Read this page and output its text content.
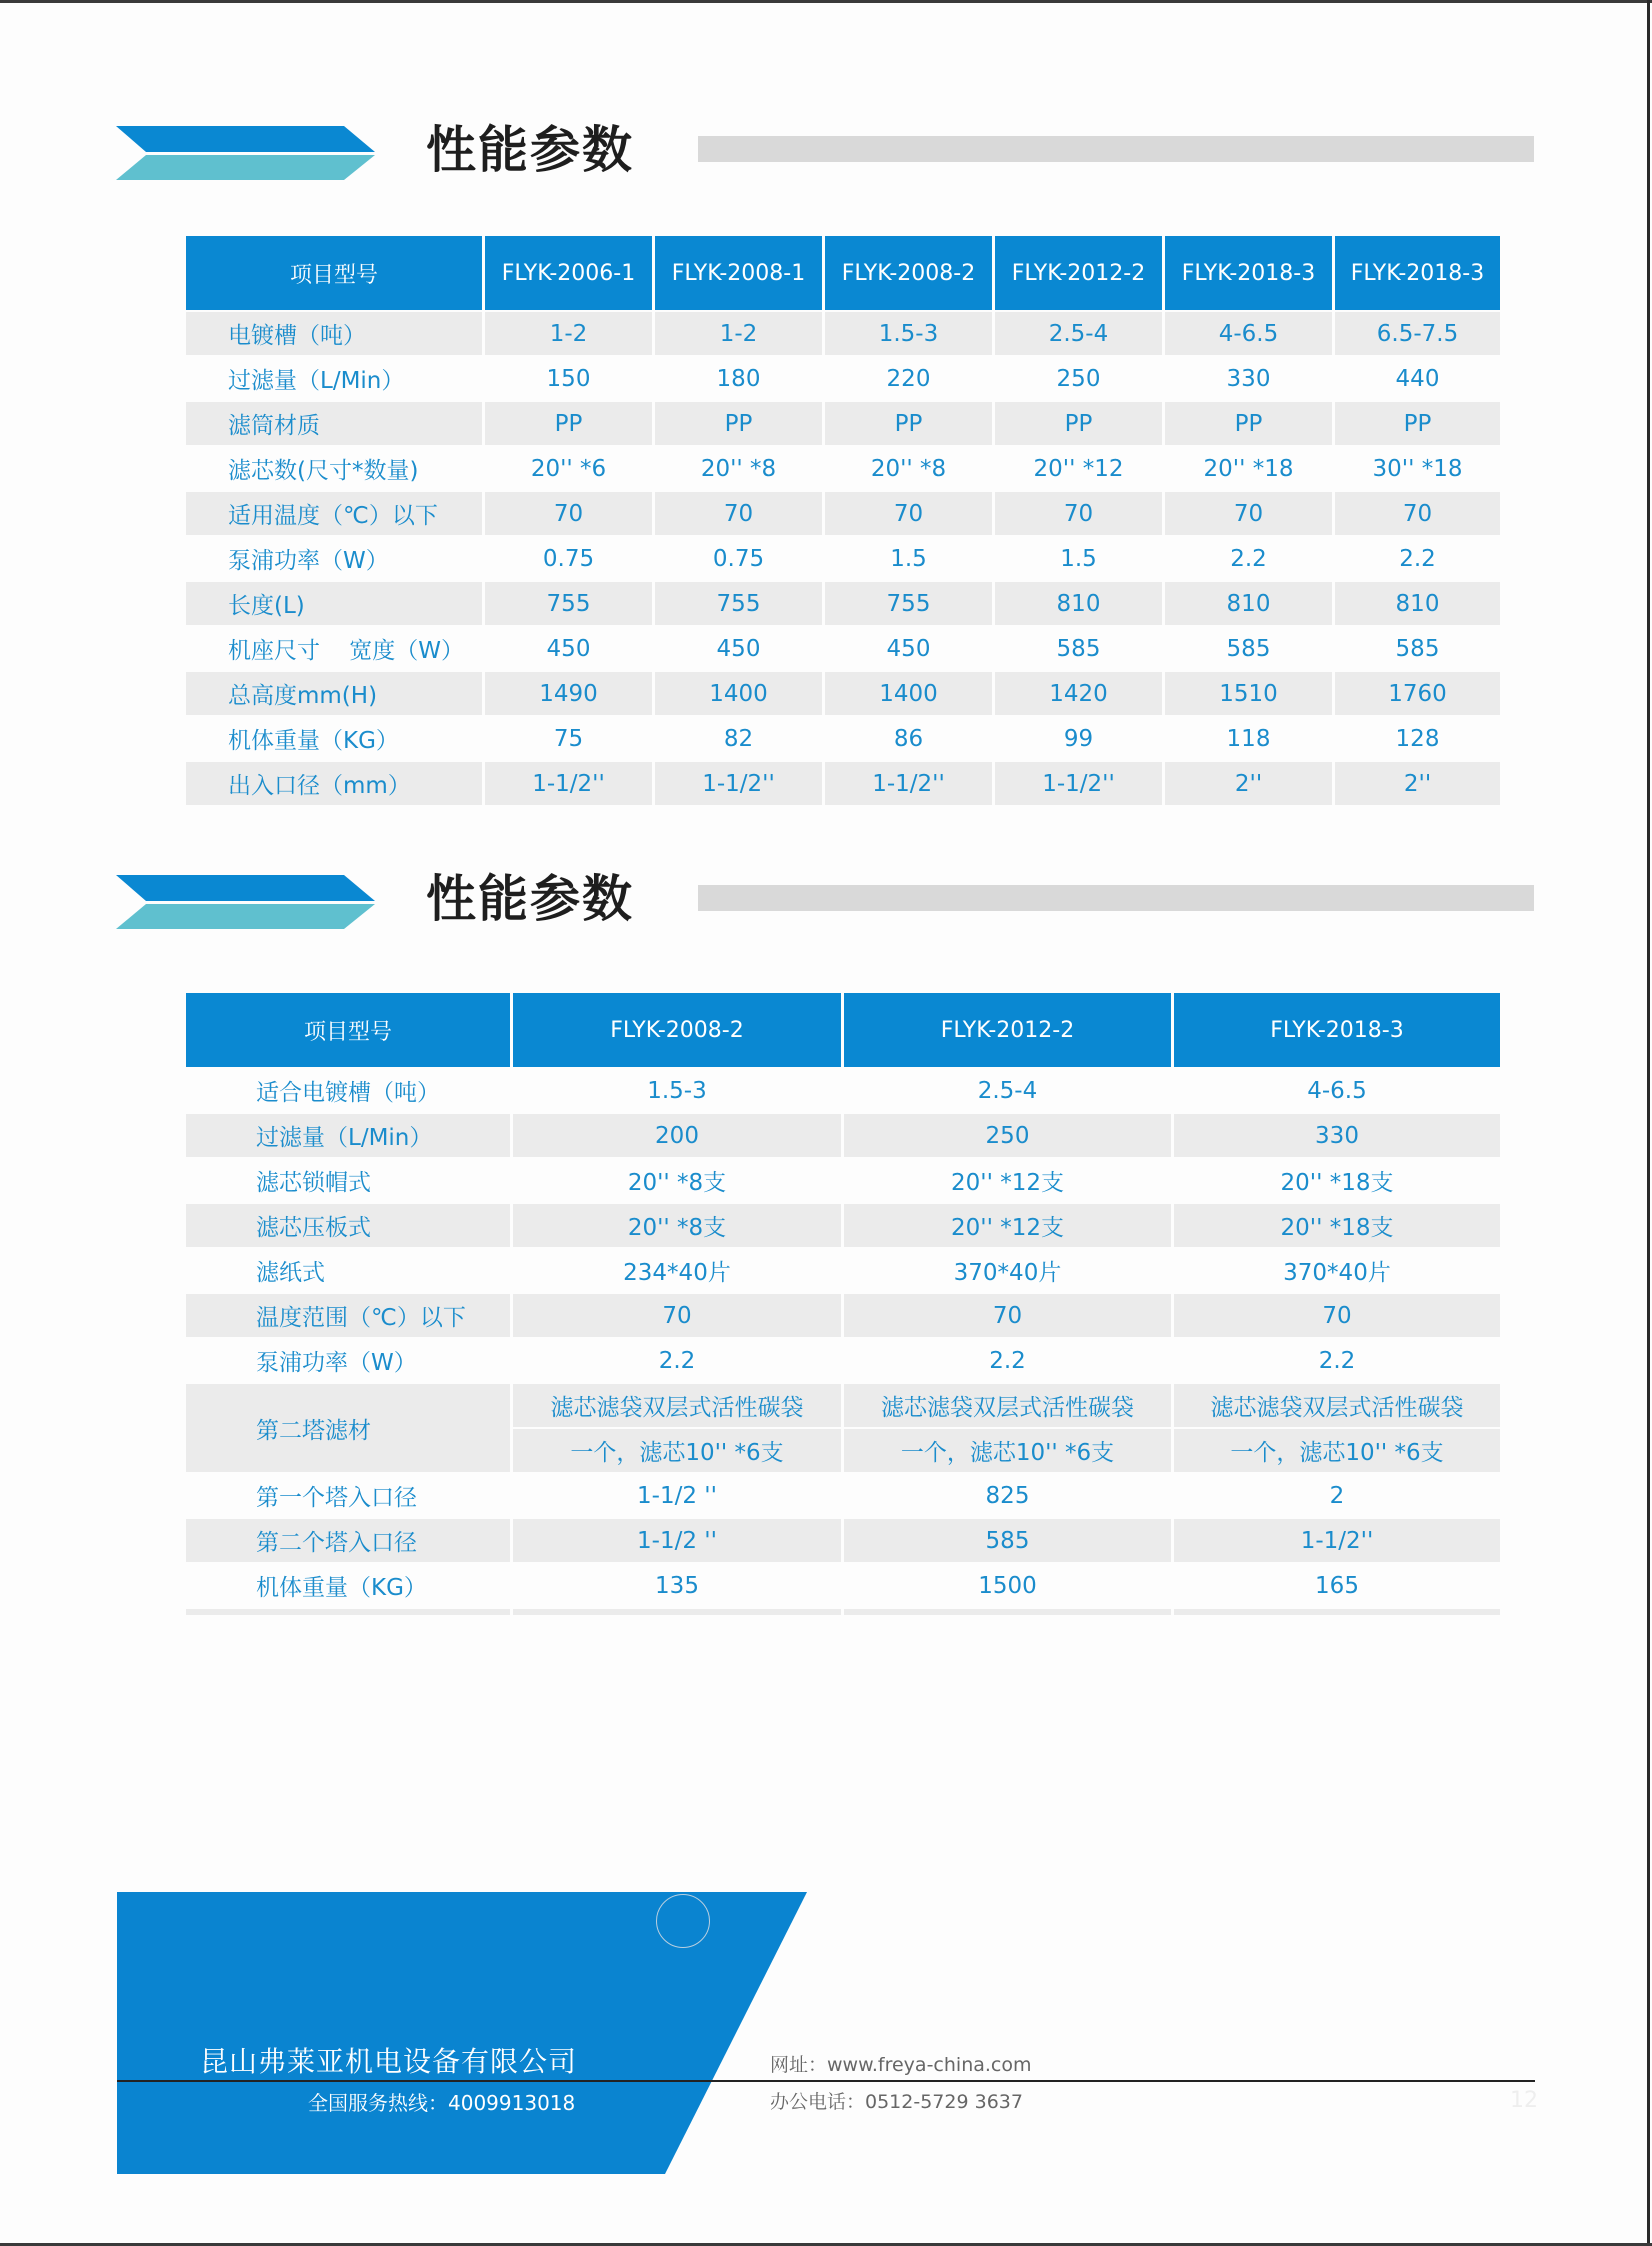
性能参数
项目型号	FLYK-2006-1	FLYK-2008-1	FLYK-2008-2	FLYK-2012-2	FLYK-2018-3	FLYK-2018-3
电镀槽（吨）	1-2	1-2	1.5-3	2.5-4	4-6.5	6.5-7.5
过滤量（L/Min）	150	180	220	250	330	440
滤筒材质	PP	PP	PP	PP	PP	PP
滤芯数(尺寸*数量)	20'' *6	20'' *8	20'' *8	20'' *12	20'' *18	30'' *18
适用温度（℃）以下	70	70	70	70	70	70
泵浦功率（W）	0.75	0.75	1.5	1.5	2.2	2.2
长度(L)	755	755	755	810	810	810
机座尺寸    宽度（W）	450	450	450	585	585	585
总高度mm(H)	1490	1400	1400	1420	1510	1760
机体重量（KG）	75	82	86	99	118	128
出入口径（mm）	1-1/2''	1-1/2''	1-1/2''	1-1/2''	2''	2''
性能参数
项目型号	FLYK-2008-2	FLYK-2012-2	FLYK-2018-3
适合电镀槽（吨）	1.5-3	2.5-4	4-6.5
过滤量（L/Min）	200	250	330
滤芯锁帽式	20'' *8支	20'' *12支	20'' *18支
滤芯压板式	20'' *8支	20'' *12支	20'' *18支
滤纸式	234*40片	370*40片	370*40片
温度范围（℃）以下	70	70	70
泵浦功率（W）	2.2	2.2	2.2
第二塔滤材	滤芯滤袋双层式活性碳袋	滤芯滤袋双层式活性碳袋	滤芯滤袋双层式活性碳袋
	一个，滤芯10'' *6支	一个，滤芯10'' *6支	一个，滤芯10'' *6支
第一个塔入口径	1-1/2 ''	825	2
第二个塔入口径	1-1/2 ''	585	1-1/2''
机体重量（KG）	135	1500	165

昆山弗莱亚机电设备有限公司
全国服务热线：4009913018
网址：www.freya-china.com
办公电话：0512-5729 3637	12
